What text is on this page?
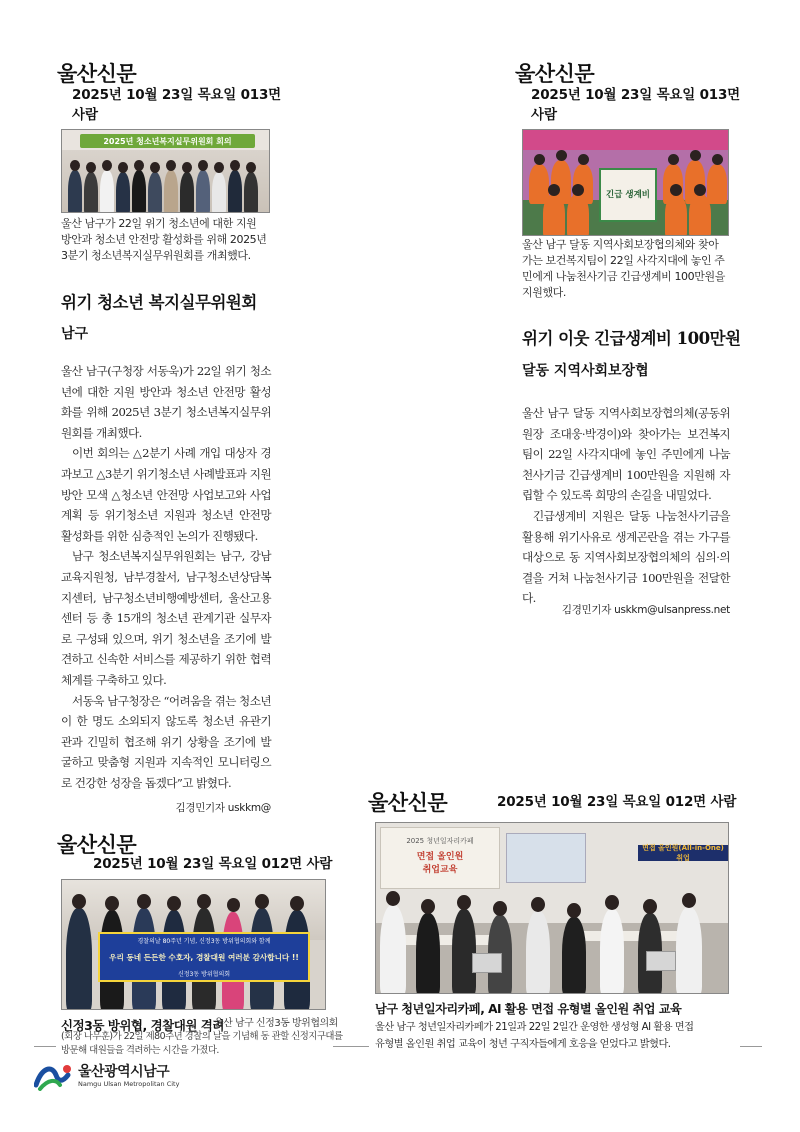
울산신문
2025년 10월 23일 목요일 013면
사람
2025년 청소년복지실무위원회 회의
울산 남구가 22일 위기 청소년에 대한 지원
방안과 청소년 안전망 활성화를 위해 2025년
3분기 청소년복지실무위원회를 개최했다.
위기 청소년 복지실무위원회
남구

울산 남구(구청장 서동욱)가 22일 위기 청소년에 대한 지원 방안과 청소년 안전망 활성화를 위해 2025년 3분기 청소년복지실무위원회를 개최했다.

이번 회의는 △2분기 사례 개입 대상자 경과보고 △3분기 위기청소년 사례발표과 지원방안 모색 △청소년 안전망 사업보고와 사업계획 등 위기청소년 지원과 청소년 안전망 활성화를 위한 심층적인 논의가 진행됐다.

남구 청소년복지실무위원회는 남구, 강남교육지원청, 남부경찰서, 남구청소년상담복지센터, 남구청소년비행예방센터, 울산고용센터 등 총 15개의 청소년 관계기관 실무자로 구성돼 있으며, 위기 청소년을 조기에 발견하고 신속한 서비스를 제공하기 위한 협력체계를 구축하고 있다.

서동욱 남구청장은 “어려움을 겪는 청소년이 한 명도 소외되지 않도록 청소년 유관기관과 긴밀히 협조해 위기 상황을 조기에 발굴하고 맞춤형 지원과 지속적인 모니터링으로 건강한 성장을 돕겠다”고 밝혔다.

김경민기자 uskkm@
울산신문
2025년 10월 23일 목요일 013면
사람
긴급 생계비
울산 남구 달동 지역사회보장협의체와 찾아
가는 보건복지팀이 22일 사각지대에 놓인 주
민에게 나눔천사기금 긴급생계비 100만원을
지원했다.
위기 이웃 긴급생계비 100만원
달동 지역사회보장협

울산 남구 달동 지역사회보장협의체(공동위원장 조대웅·박경이)와 찾아가는 보건복지팀이 22일 사각지대에 놓인 주민에게 나눔천사기금 긴급생계비 100만원을 지원해 자립할 수 있도록 희망의 손길을 내밀었다.

긴급생계비 지원은 달동 나눔천사기금을 활용해 위기사유로 생계곤란을 겪는 가구를 대상으로 동 지역사회보장협의체의 심의·의결을 거쳐 나눔천사기금 100만원을 전달한다.

김경민기자 uskkm@ulsanpress.net
울산신문
2025년 10월 23일 목요일 012면 사람
경찰의날 80주년 기념, 신정3동 방위협의회와 함께
우리 동네 든든한 수호자, 경찰대원 여러분 감사합니다 !!
신정3동 방위협의회
신정3동 방위협, 경찰대원 격려
울산 남구 신정3동 방위협의회
(회장 나무훈)가 22일 제80주년 경찰의 날을 기념해 동 관할 신정지구대를
방문해 대원들을 격려하는 시간을 가졌다.
울산신문	2025년 10월 23일 목요일 012면 사람
2025 청년일자리카페
면접 올인원
취업교육
면접 올인원(All-in-One) 취업
남구 청년일자리카페, AI 활용 면접 유형별 올인원 취업 교육
울산 남구 청년일자리카페가 21일과 22일 2일간 운영한 생성형 AI 활용 면접
유형별 올인원 취업 교육이 청년 구직자들에게 호응을 얻었다고 밝혔다.
울산광역시남구
Namgu Ulsan Metropolitan City
